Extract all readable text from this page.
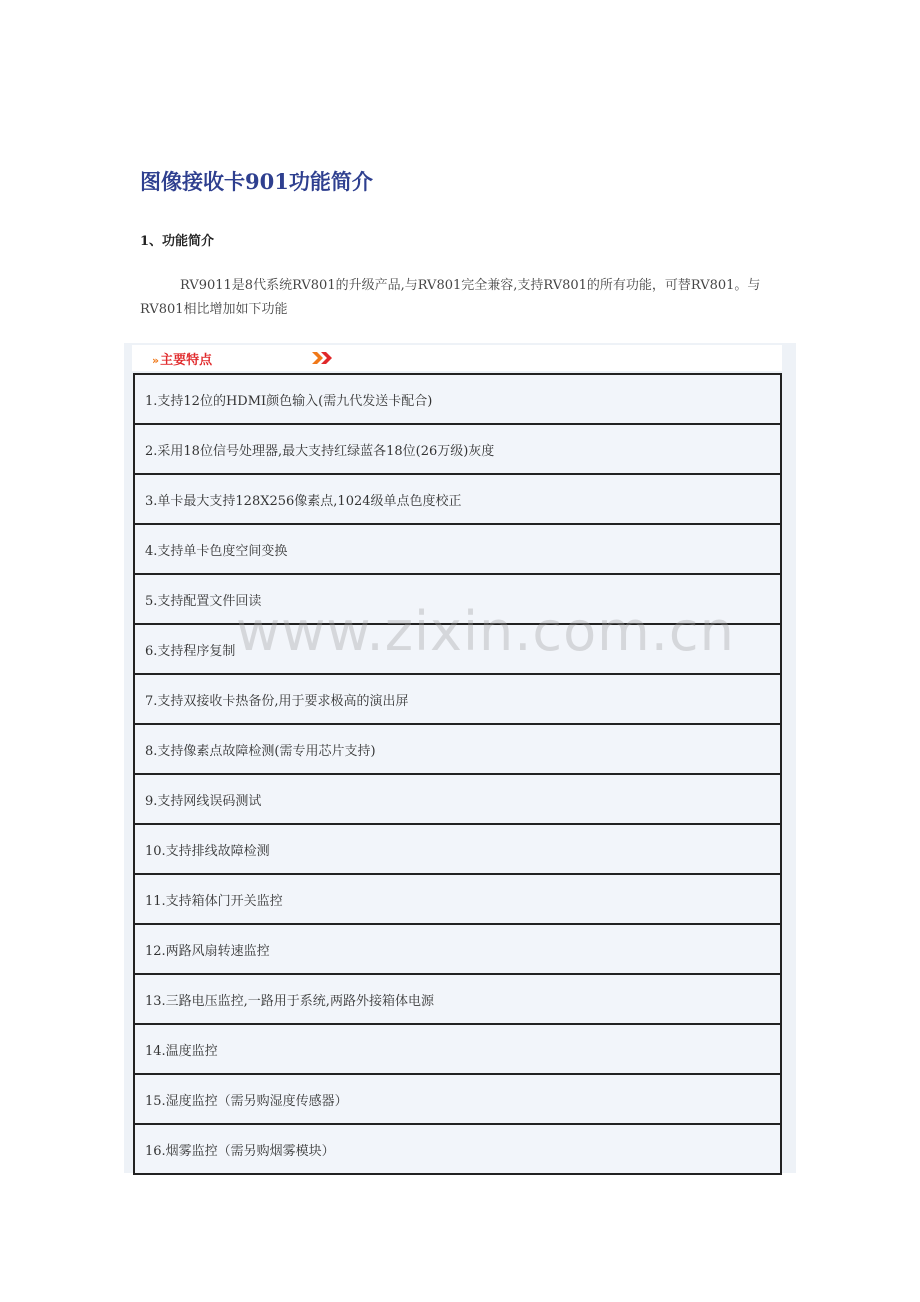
图像接收卡901功能简介
1、功能简介

RV9011是8代系统RV801的升级产品,与RV801完全兼容,支持RV801的所有功能，可替RV801。与RV801相比增加如下功能

›› 主要特点
1.支持12位的HDMI颜色输入(需九代发送卡配合)
2.采用18位信号处理器,最大支持红绿蓝各18位(26万级)灰度
3.单卡最大支持128X256像素点,1024级单点色度校正
4.支持单卡色度空间变换
5.支持配置文件回读
6.支持程序复制
7.支持双接收卡热备份,用于要求极高的演出屏
8.支持像素点故障检测(需专用芯片支持)
9.支持网线误码测试
10.支持排线故障检测
11.支持箱体门开关监控
12.两路风扇转速监控
13.三路电压监控,一路用于系统,两路外接箱体电源
14.温度监控
15.湿度监控（需另购湿度传感器）
16.烟雾监控（需另购烟雾模块）
www.zixin.com.cn
